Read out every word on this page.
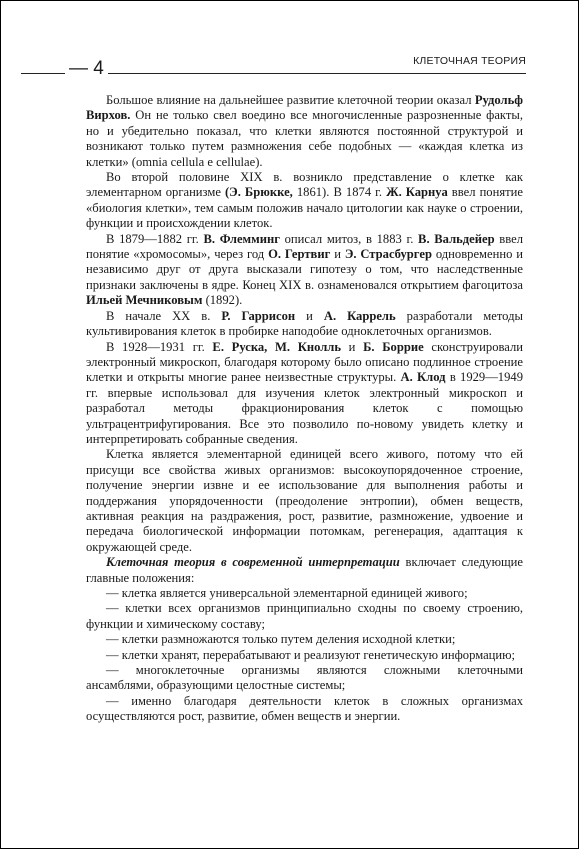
— 4	КЛЕТОЧНАЯ ТЕОРИЯ

Большое влияние на дальнейшее развитие клеточной теории оказал Рудольф Вирхов. Он не только свел воедино все многочисленные разрозненные факты, но и убедительно показал, что клетки являются постоянной структурой и возникают только путем размножения себе подобных — «каждая клетка из клетки» (omnia cellula e cellulae).

Во второй половине XIX в. возникло представление о клетке как элементарном организме (Э. Брюкке, 1861). В 1874 г. Ж. Карнуа ввел понятие «биология клетки», тем самым положив начало цитологии как науке о строении, функции и происхождении клеток.

В 1879—1882 гг. В. Флемминг описал митоз, в 1883 г. В. Вальдейер ввел понятие «хромосомы», через год О. Гертвиг и Э. Страсбургер одновременно и независимо друг от друга высказали гипотезу о том, что наследственные признаки заключены в ядре. Конец XIX в. ознаменовался открытием фагоцитоза Ильей Мечниковым (1892).

В начале XX в. Р. Гаррисон и А. Каррель разработали методы культивирования клеток в пробирке наподобие одноклеточных организмов.

В 1928—1931 гг. Е. Руска, М. Кнолль и Б. Боррие сконструировали электронный микроскоп, благодаря которому было описано подлинное строение клетки и открыты многие ранее неизвестные структуры. А. Клод в 1929—1949 гг. впервые использовал для изучения клеток электронный микроскоп и разработал методы фракционирования клеток с помощью ультрацентрифугирования. Все это позволило по-новому увидеть клетку и интерпретировать собранные сведения.

Клетка является элементарной единицей всего живого, потому что ей присущи все свойства живых организмов: высокоупорядоченное строение, получение энергии извне и ее использование для выполнения работы и поддержания упорядоченности (преодоление энтропии), обмен веществ, активная реакция на раздражения, рост, развитие, размножение, удвоение и передача биологической информации потомкам, регенерация, адаптация к окружающей среде.

Клеточная теория в современной интерпретации включает следующие главные положения:

— клетка является универсальной элементарной единицей живого;

— клетки всех организмов принципиально сходны по своему строению, функции и химическому составу;

— клетки размножаются только путем деления исходной клетки;

— клетки хранят, перерабатывают и реализуют генетическую информацию;

— многоклеточные организмы являются сложными клеточными ансамблями, образующими целостные системы;

— именно благодаря деятельности клеток в сложных организмах осуществляются рост, развитие, обмен веществ и энергии.
